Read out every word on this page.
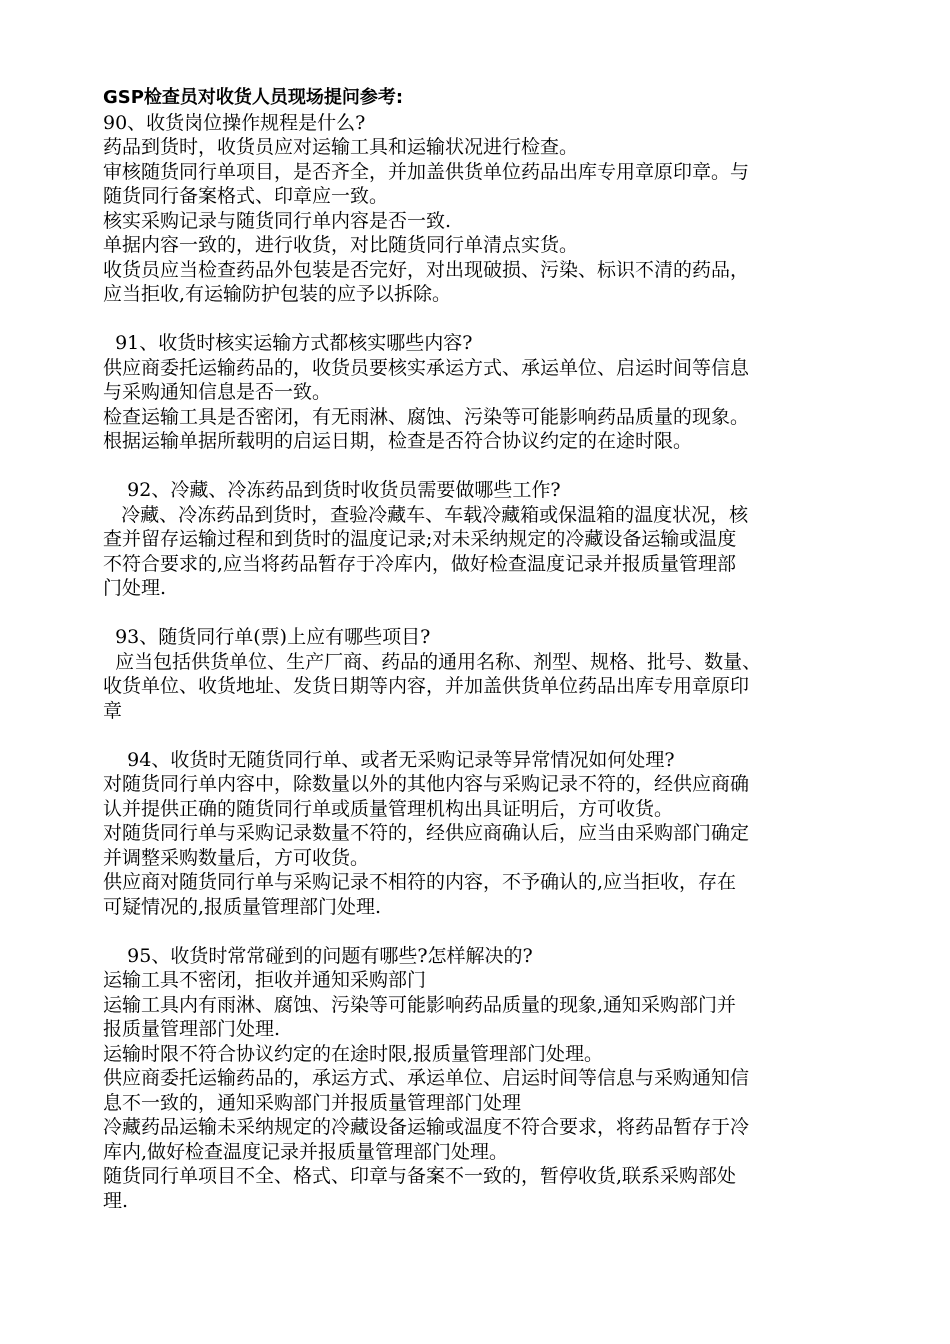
GSP检查员对收货人员现场提问参考:
90、收货岗位操作规程是什么?
药品到货时，收货员应对运输工具和运输状况进行检查。
审核随货同行单项目，是否齐全，并加盖供货单位药品出库专用章原印章。与
随货同行备案格式、印章应一致。
核实采购记录与随货同行单内容是否一致.
单据内容一致的，进行收货，对比随货同行单清点实货。
收货员应当检查药品外包装是否完好，对出现破损、污染、标识不清的药品，
应当拒收,有运输防护包装的应予以拆除。
91、收货时核实运输方式都核实哪些内容?
供应商委托运输药品的，收货员要核实承运方式、承运单位、启运时间等信息
与采购通知信息是否一致。
检查运输工具是否密闭，有无雨淋、腐蚀、污染等可能影响药品质量的现象。
根据运输单据所载明的启运日期，检查是否符合协议约定的在途时限。
92、冷藏、冷冻药品到货时收货员需要做哪些工作?
冷藏、冷冻药品到货时，查验冷藏车、车载冷藏箱或保温箱的温度状况，核
查并留存运输过程和到货时的温度记录;对未采纳规定的冷藏设备运输或温度
不符合要求的,应当将药品暂存于冷库内，做好检查温度记录并报质量管理部
门处理.
93、随货同行单(票)上应有哪些项目?
应当包括供货单位、生产厂商、药品的通用名称、剂型、规格、批号、数量、
收货单位、收货地址、发货日期等内容，并加盖供货单位药品出库专用章原印
章
94、收货时无随货同行单、或者无采购记录等异常情况如何处理?
对随货同行单内容中，除数量以外的其他内容与采购记录不符的，经供应商确
认并提供正确的随货同行单或质量管理机构出具证明后，方可收货。
对随货同行单与采购记录数量不符的，经供应商确认后，应当由采购部门确定
并调整采购数量后，方可收货。
供应商对随货同行单与采购记录不相符的内容，不予确认的,应当拒收，存在
可疑情况的,报质量管理部门处理.
95、收货时常常碰到的问题有哪些?怎样解决的?
运输工具不密闭，拒收并通知采购部门
运输工具内有雨淋、腐蚀、污染等可能影响药品质量的现象,通知采购部门并
报质量管理部门处理.
运输时限不符合协议约定的在途时限,报质量管理部门处理。
供应商委托运输药品的，承运方式、承运单位、启运时间等信息与采购通知信
息不一致的，通知采购部门并报质量管理部门处理
冷藏药品运输未采纳规定的冷藏设备运输或温度不符合要求，将药品暂存于冷
库内,做好检查温度记录并报质量管理部门处理。
随货同行单项目不全、格式、印章与备案不一致的，暂停收货,联系采购部处
理.
